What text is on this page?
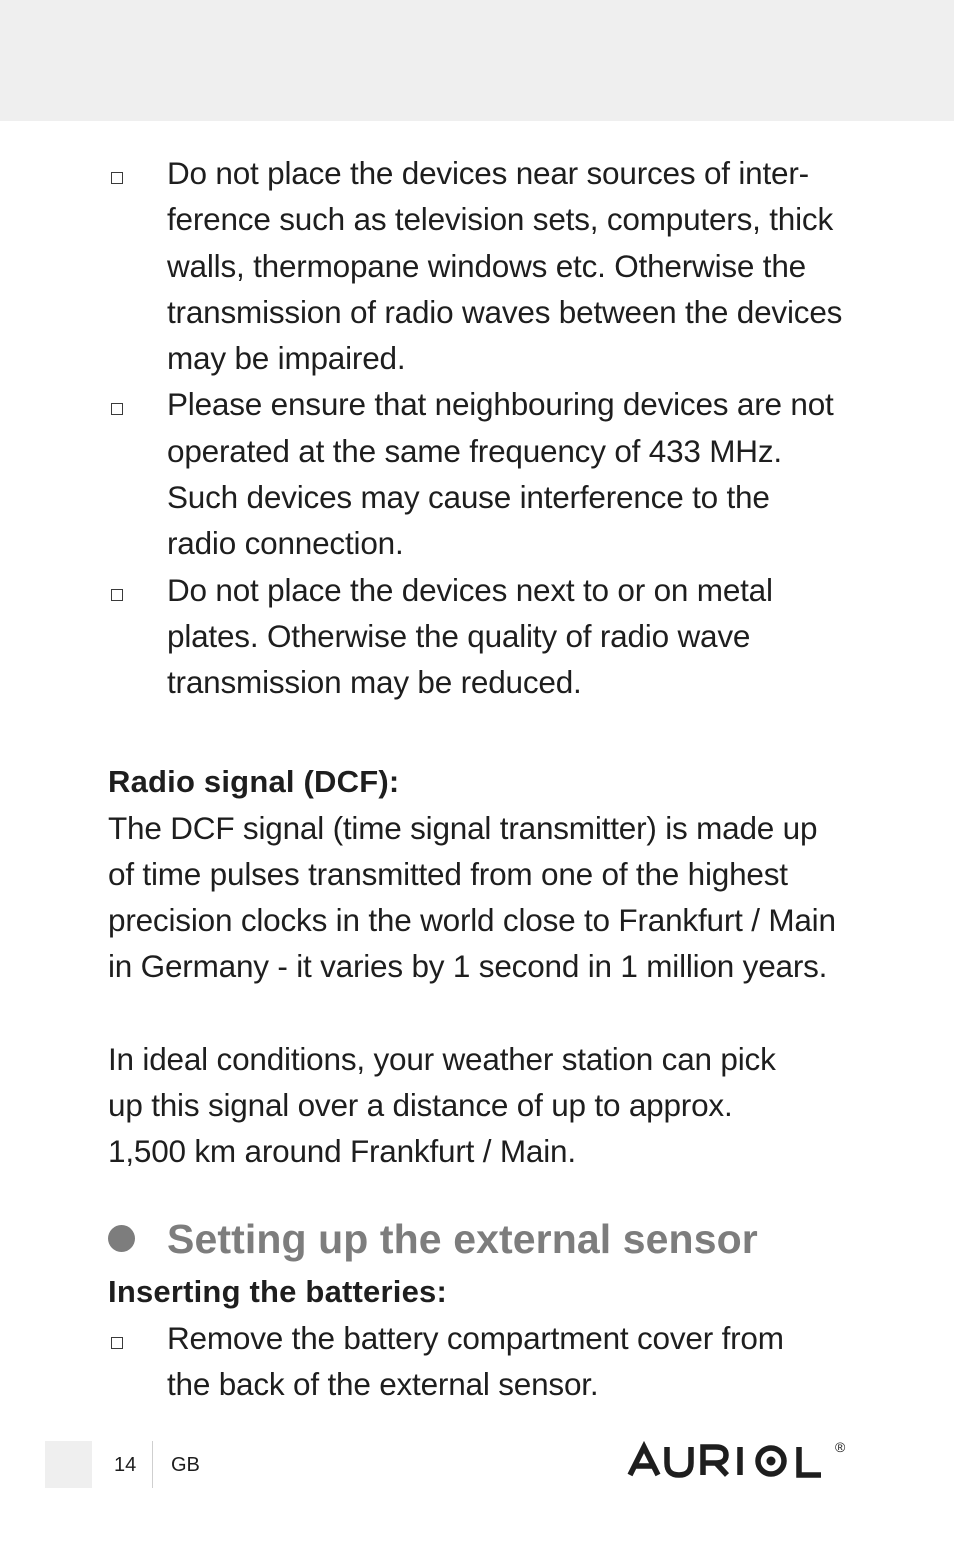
Do not place the devices near sources of inter-
ference such as television sets, computers, thick
walls, thermopane windows etc. Otherwise the
transmission of radio waves between the devices
may be impaired.
Please ensure that neighbouring devices are not
operated at the same frequency of 433 MHz.
Such devices may cause interference to the
radio connection.
Do not place the devices next to or on metal
plates. Otherwise the quality of radio wave
transmission may be reduced.
Radio signal (DCF):
The DCF signal (time signal transmitter) is made up
of time pulses transmitted from one of the highest
precision clocks in the world close to Frankfurt / Main
in Germany - it varies by 1 second in 1 million years.
In ideal conditions, your weather station can pick
up this signal over a distance of up to approx.
1,500 km around Frankfurt / Main.
Setting up the external sensor
Inserting the batteries:
Remove the battery compartment cover from
the back of the external sensor.
14 GB
®
